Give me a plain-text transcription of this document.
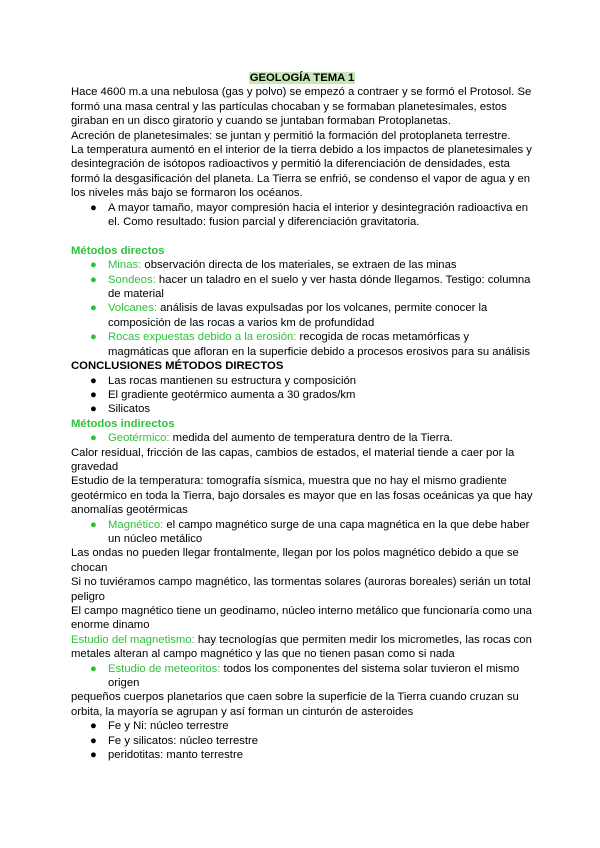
GEOLOGÍA TEMA 1

Hace 4600 m.a una nebulosa (gas y polvo) se empezó a contraer y se formó el Protosol. Se formó una masa central y las partículas chocaban y se formaban planetesimales, estos giraban en un disco giratorio y cuando se juntaban formaban Protoplanetas.

Acreción de planetesimales: se juntan y permitió la formación del protoplaneta terrestre.

La temperatura aumentó en el interior de la tierra debido a los impactos de planetesimales y desintegración de isótopos radioactivos y permitió la diferenciación de densidades, esta formó la desgasificación del planeta. La Tierra se enfrió, se condenso el vapor de agua y en los niveles más bajo se formaron los océanos.

● A mayor tamaño, mayor compresión hacia el interior y desintegración radioactiva en el. Como resultado: fusion parcial y diferenciación gravitatoria.

Métodos directos

● Minas: observación directa de los materiales, se extraen de las minas
● Sondeos: hacer un taladro en el suelo y ver hasta dónde llegamos. Testigo: columna de material
● Volcanes: análisis de lavas expulsadas por los volcanes, permite conocer la composición de las rocas a varios km de profundidad
● Rocas expuestas debido a la erosión: recogida de rocas metamórficas y magmáticas que afloran en la superficie debido a procesos erosivos para su análisis

CONCLUSIONES MÉTODOS DIRECTOS

● Las rocas mantienen su estructura y composición
● El gradiente geotérmico aumenta a 30 grados/km
● Silicatos

Métodos indirectos

● Geotérmico: medida del aumento de temperatura dentro de la Tierra.

Calor residual, fricción de las capas, cambios de estados, el material tiende a caer por la gravedad

Estudio de la temperatura: tomografía sísmica, muestra que no hay el mismo gradiente geotérmico en toda la Tierra, bajo dorsales es mayor que en las fosas oceánicas ya que hay anomalías geotérmicas

● Magnético: el campo magnético surge de una capa magnética en la que debe haber un núcleo metálico

Las ondas no pueden llegar frontalmente, llegan por los polos magnético debido a que se chocan

Si no tuviéramos campo magnético, las tormentas solares (auroras boreales) serián un total peligro

El campo magnético tiene un geodinamo, núcleo interno metálico que funcionaría como una enorme dinamo

Estudio del magnetismo: hay tecnologías que permiten medir los micrometles, las rocas con metales alteran al campo magnético y las que no tienen pasan como si nada

● Estudio de meteoritos: todos los componentes del sistema solar tuvieron el mismo origen

pequeños cuerpos planetarios que caen sobre la superficie de la Tierra cuando cruzan su orbita, la mayoría se agrupan y así forman un cinturón de asteroides

● Fe y Ni: núcleo terrestre
● Fe y silicatos: núcleo terrestre
● peridotitas: manto terrestre
